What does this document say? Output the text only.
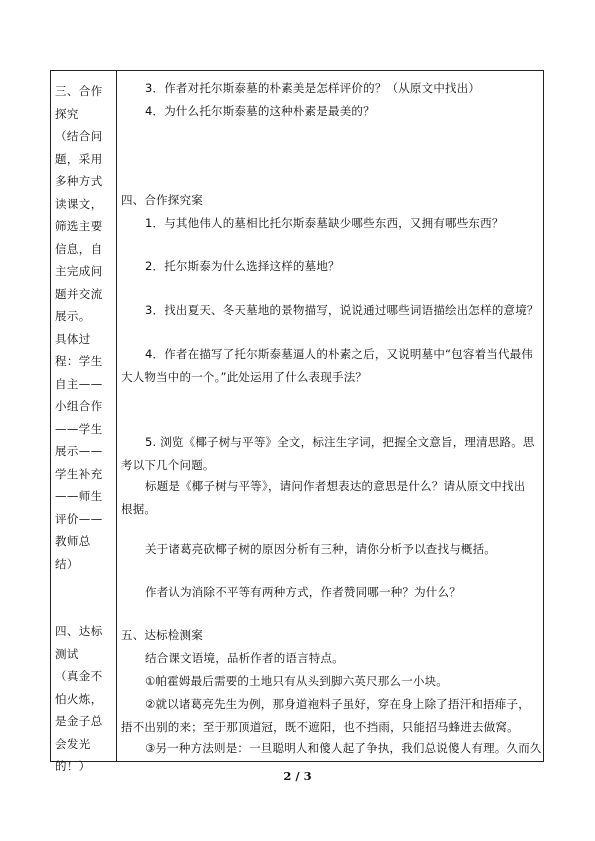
三、合作
探究
（结合问
题，采用
多种方式
读课文，
筛选主要
信息，自
主完成问
题并交流
展示。
具体过
程：学生
自主——
小组合作
——学生
展示——
学生补充
——师生
评价——
教师总
结）

四、达标
测试
（真金不
怕火炼，
是金子总
会发光
的！）
3．作者对托尔斯泰墓的朴素美是怎样评价的？（从原文中找出）
4．为什么托尔斯泰墓的这种朴素是最美的？
四、合作探究案
1．与其他伟人的墓相比托尔斯泰墓缺少哪些东西，又拥有哪些东西？
2．托尔斯泰为什么选择这样的墓地？
3．找出夏天、冬天墓地的景物描写，说说通过哪些词语描绘出怎样的意境？
4．作者在描写了托尔斯泰墓逼人的朴素之后，又说明墓中“包容着当代最伟大人物当中的一个。”此处运用了什么表现手法？
5. 浏览《椰子树与平等》全文，标注生字词，把握全文意旨，理清思路。思考以下几个问题。
标题是《椰子树与平等》，请问作者想表达的意思是什么？请从原文中找出根据。
关于诸葛亮砍椰子树的原因分析有三种，请你分析予以查找与概括。
作者认为消除不平等有两种方式，作者赞同哪一种？为什么？
五、达标检测案
结合课文语境，品析作者的语言特点。
①帕霍姆最后需要的土地只有从头到脚六英尺那么一小块。
②就以诸葛亮先生为例，那身道袍料子虽好，穿在身上除了捂汗和捂痱子，捂不出别的来；至于那顶道冠，既不遮阳，也不挡雨，只能招马蜂进去做窝。
③另一种方法则是：一旦聪明人和傻人起了争执，我们总说傻人有理。久而久
2 / 3
